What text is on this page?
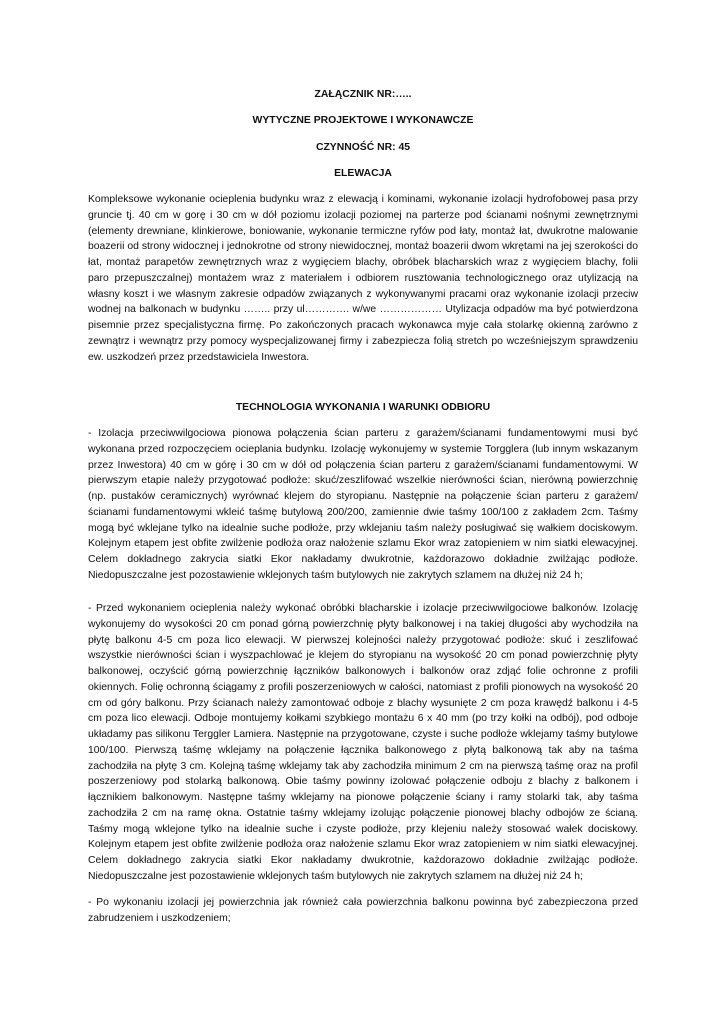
ZAŁĄCZNIK NR:…..

WYTYCZNE PROJEKTOWE I WYKONAWCZE

CZYNNOŚĆ NR: 45

ELEWACJA

Kompleksowe wykonanie ocieplenia budynku wraz z elewacją i kominami, wykonanie izolacji hydrofobowej pasa przy gruncie tj. 40 cm w gorę i 30 cm w dół poziomu izolacji poziomej na parterze pod ścianami nośnymi zewnętrznymi (elementy drewniane, klinkierowe, boniowanie, wykonanie termiczne ryfów pod łaty, montaż łat, dwukrotne malowanie boazerii od strony widocznej i jednokrotne od strony niewidocznej, montaż boazerii dwom wkrętami na jej szerokości do łat, montaż parapetów zewnętrznych wraz z wygięciem blachy, obróbek blacharskich wraz z wygięciem blachy, folii paro przepuszczalnej) montażem wraz z materiałem i odbiorem rusztowania technologicznego oraz utylizacją na własny koszt i we własnym zakresie odpadów związanych z wykonywanymi pracami oraz wykonanie izolacji przeciw wodnej na balkonach w budynku …….. przy ul…………. w/we ……………… Utylizacja odpadów ma być potwierdzona pisemnie przez specjalistyczna firmę. Po zakończonych pracach wykonawca myje cała stolarkę okienną zarówno z zewnątrz i wewnątrz przy pomocy wyspecjalizowanej firmy i zabezpiecza folią stretch po wcześniejszym sprawdzeniu ew. uszkodzeń przez przedstawiciela Inwestora.

TECHNOLOGIA WYKONANIA I WARUNKI ODBIORU

- Izolacja przeciwwilgociowa pionowa połączenia ścian parteru z garażem/ścianami fundamentowymi musi być wykonana przed rozpoczęciem ocieplania budynku. Izolację wykonujemy w systemie Torgglera (lub innym wskazanym przez Inwestora) 40 cm w górę i 30 cm w dół od połączenia ścian parteru z garażem/ścianami fundamentowymi. W pierwszym etapie należy przygotować podłoże: skuć/zeszlifować wszelkie nierówności ścian, nierówną powierzchnię (np. pustaków ceramicznych) wyrównać klejem do styropianu. Następnie na połączenie ścian parteru z garażem/ścianami fundamentowymi wkleić taśmę butylową 200/200, zamiennie dwie taśmy 100/100 z zakładem 2cm. Taśmy mogą być wklejane tylko na idealnie suche podłoże, przy wklejaniu taśm należy posługiwać się wałkiem dociskowym. Kolejnym etapem jest obfite zwilżenie podłoża oraz nałożenie szlamu Ekor wraz zatopieniem w nim siatki elewacyjnej. Celem dokładnego zakrycia siatki Ekor nakładamy dwukrotnie, każdorazowo dokładnie zwilżając podłoże. Niedopuszczalne jest pozostawienie wklejonych taśm butylowych nie zakrytych szlamem na dłużej niż 24 h;

- Przed wykonaniem ocieplenia należy wykonać obróbki blacharskie i izolacje przeciwwilgociowe balkonów. Izolację wykonujemy do wysokości 20 cm ponad górną powierzchnię płyty balkonowej i na takiej długości aby wychodziła na płytę balkonu 4-5 cm poza lico elewacji. W pierwszej kolejności należy przygotować podłoże: skuć i zeszlifować wszystkie nierówności ścian i wyszpachlować je klejem do styropianu na wysokość 20 cm ponad powierzchnię płyty balkonowej, oczyścić górną powierzchnię łączników balkonowych i balkonów oraz zdjąć folie ochronne z profili okiennych. Folię ochronną ściągamy z profili poszerzeniowych w całości, natomiast z profili pionowych na wysokość 20 cm od góry balkonu. Przy ścianach należy zamontować odboje z blachy wysunięte 2 cm poza krawędź balkonu i 4-5 cm poza lico elewacji. Odboje montujemy kołkami szybkiego montażu 6 x 40 mm (po trzy kołki na odbój), pod odboje układamy pas silikonu Terggler Lamiera. Następnie na przygotowane, czyste i suche podłoże wklejamy taśmy butylowe 100/100. Pierwszą taśmę wklejamy na połączenie łącznika balkonowego z płytą balkonową tak aby na taśma zachodziła na płytę 3 cm. Kolejną taśmę wklejamy tak aby zachodziła minimum 2 cm na pierwszą taśmę oraz na profil poszerzeniowy pod stolarką balkonową. Obie taśmy powinny izolować połączenie odboju z blachy z balkonem i łącznikiem balkonowym. Następne taśmy wklejamy na pionowe połączenie ściany i ramy stolarki tak, aby taśma zachodziła 2 cm na ramę okna. Ostatnie taśmy wklejamy izolując połączenie pionowej blachy odbojów ze ścianą. Taśmy mogą wklejone tylko na idealnie suche i czyste podłoże, przy klejeniu należy stosować wałek dociskowy. Kolejnym etapem jest obfite zwilżenie podłoża oraz nałożenie szlamu Ekor wraz zatopieniem w nim siatki elewacyjnej. Celem dokładnego zakrycia siatki Ekor nakładamy dwukrotnie, każdorazowo dokładnie zwilżając podłoże. Niedopuszczalne jest pozostawienie wklejonych taśm butylowych nie zakrytych szlamem na dłużej niż 24 h;

- Po wykonaniu izolacji jej powierzchnia jak również cała powierzchnia balkonu powinna być zabezpieczona przed zabrudzeniem i uszkodzeniem;
